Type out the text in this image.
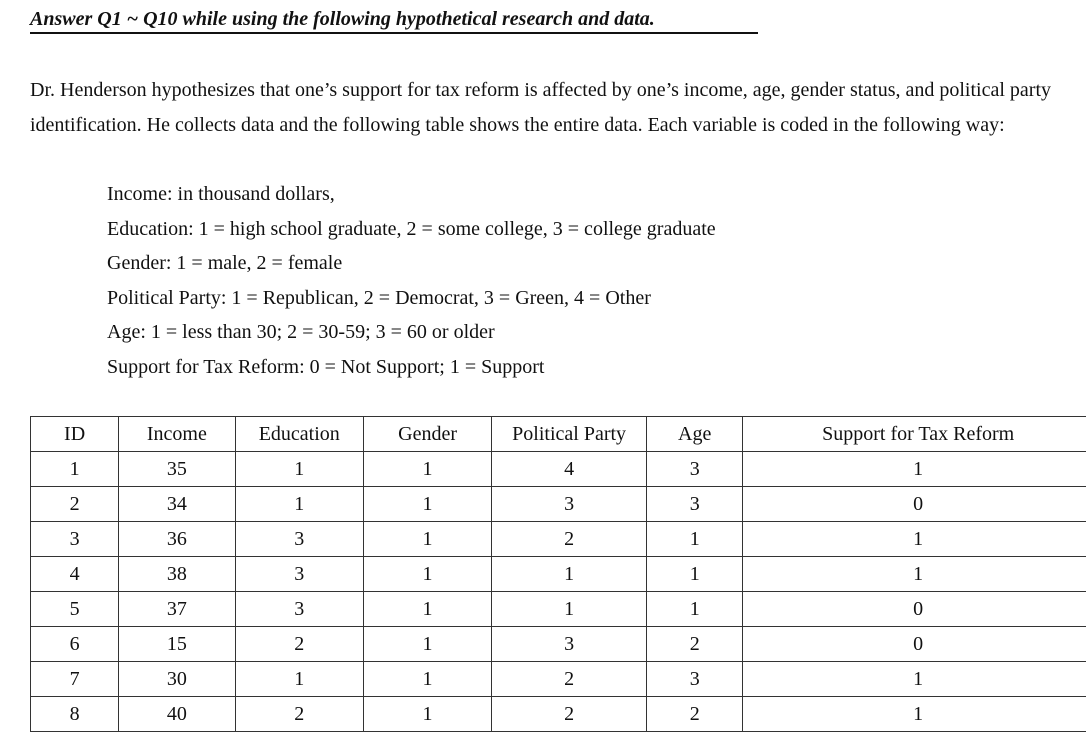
Answer Q1 ~ Q10 while using the following hypothetical research and data.
Dr. Henderson hypothesizes that one’s support for tax reform is affected by one’s income, age, gender status, and political party identification. He collects data and the following table shows the entire data. Each variable is coded in the following way:
Income: in thousand dollars,
Education: 1 = high school graduate, 2 = some college, 3 = college graduate
Gender: 1 = male, 2 = female
Political Party: 1 = Republican, 2 = Democrat, 3 = Green, 4 = Other
Age: 1 = less than 30; 2 = 30-59; 3 = 60 or older
Support for Tax Reform: 0 = Not Support; 1 = Support
ID	Income	Education	Gender	Political Party	Age	Support for Tax Reform
1	35	1	1	4	3	1
2	34	1	1	3	3	0
3	36	3	1	2	1	1
4	38	3	1	1	1	1
5	37	3	1	1	1	0
6	15	2	1	3	2	0
7	30	1	1	2	3	1
8	40	2	1	2	2	1
